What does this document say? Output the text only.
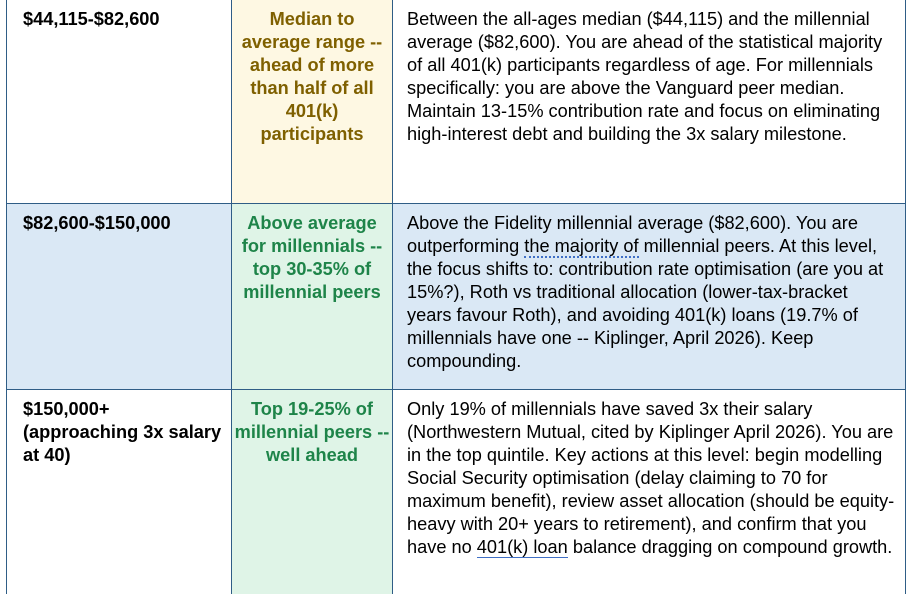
$44,115-$82,600	Median to average range -- ahead of more than half of all 401(k) participants	Between the all-ages median ($44,115) and the millennial average ($82,600). You are ahead of the statistical majority of all 401(k) participants regardless of age. For millennials specifically: you are above the Vanguard peer median. Maintain 13-15% contribution rate and focus on eliminating high-interest debt and building the 3x salary milestone.
$82,600-$150,000	Above average for millennials -- top 30-35% of millennial peers	Above the Fidelity millennial average ($82,600). You are outperforming the majority of millennial peers. At this level, the focus shifts to: contribution rate optimisation (are you at 15%?), Roth vs traditional allocation (lower-tax-bracket years favour Roth), and avoiding 401(k) loans (19.7% of millennials have one -- Kiplinger, April 2026). Keep compounding.
$150,000+ (approaching 3x salary at 40)	Top 19-25% of millennial peers -- well ahead	Only 19% of millennials have saved 3x their salary (Northwestern Mutual, cited by Kiplinger April 2026). You are in the top quintile. Key actions at this level: begin modelling Social Security optimisation (delay claiming to 70 for maximum benefit), review asset allocation (should be equity-heavy with 20+ years to retirement), and confirm that you have no 401(k) loan balance dragging on compound growth.
